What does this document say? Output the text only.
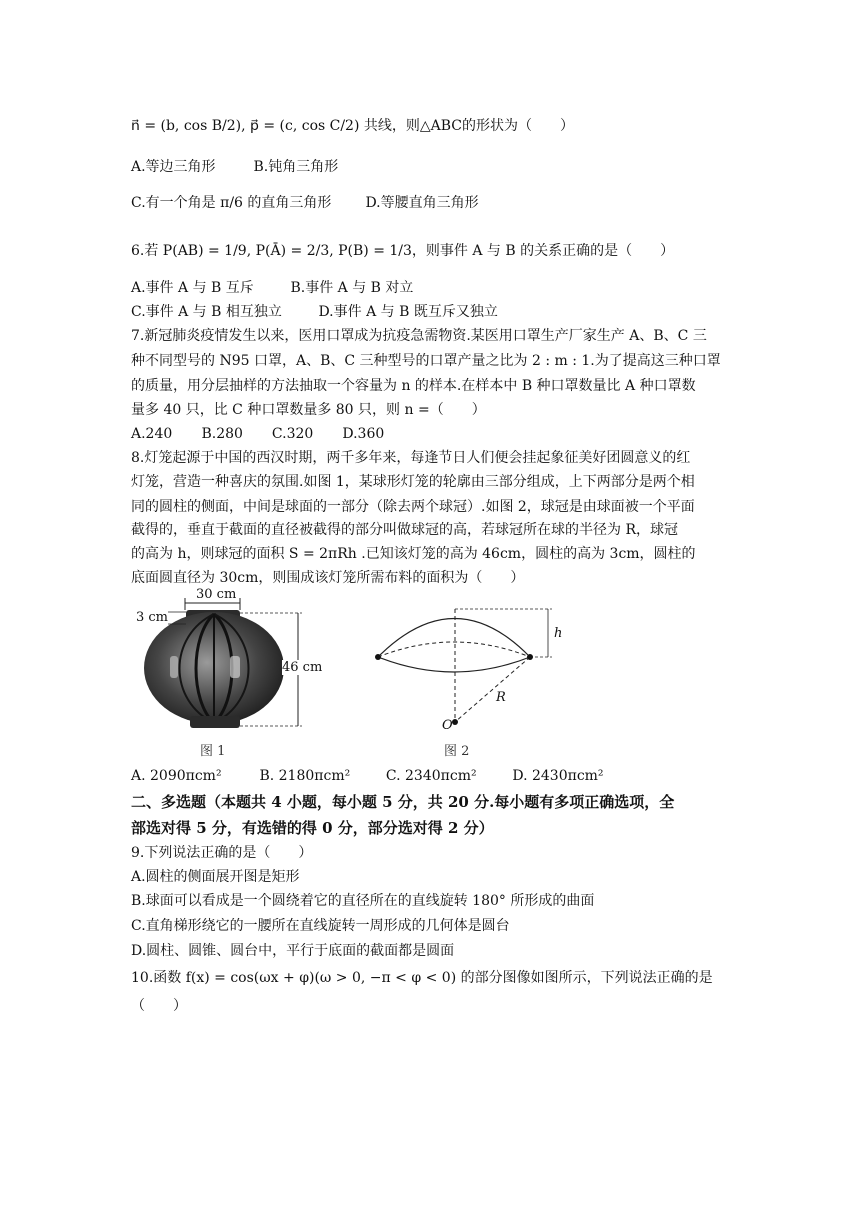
n⃗ = (b, cos B/2), p⃗ = (c, cos C/2) 共线，则△ABC的形状为（　　）
A.等边三角形	B.钝角三角形
C.有一个角是 π/6 的直角三角形 D.等腰直角三角形
6.若 P(AB) = 1/9, P(Ā) = 2/3, P(B) = 1/3，则事件 A 与 B 的关系正确的是（　　）
A.事件 A 与 B 互斥	B.事件 A 与 B 对立
C.事件 A 与 B 相互独立	D.事件 A 与 B 既互斥又独立
7.新冠肺炎疫情发生以来，医用口罩成为抗疫急需物资.某医用口罩生产厂家生产 A、B、C 三
种不同型号的 N95 口罩，A、B、C 三种型号的口罩产量之比为 2 : m : 1.为了提高这三种口罩
的质量，用分层抽样的方法抽取一个容量为 n 的样本.在样本中 B 种口罩数量比 A 种口罩数
量多 40 只，比 C 种口罩数量多 80 只，则 n =（　　）
A.240 B.280 C.320 D.360
8.灯笼起源于中国的西汉时期，两千多年来，每逢节日人们便会挂起象征美好团圆意义的红
灯笼，营造一种喜庆的氛围.如图 1，某球形灯笼的轮廓由三部分组成，上下两部分是两个相
同的圆柱的侧面，中间是球面的一部分（除去两个球冠）.如图 2，球冠是由球面被一个平面
截得的，垂直于截面的直径被截得的部分叫做球冠的高，若球冠所在球的半径为 R，球冠
的高为 h，则球冠的面积 S = 2πRh .已知该灯笼的高为 46cm，圆柱的高为 3cm，圆柱的
底面圆直径为 30cm，则围成该灯笼所需布料的面积为（　　）
30 cm
3 cm
46 cm
图 1
h
R
O
图 2
A. 2090πcm²	B. 2180πcm²	C. 2340πcm²	D. 2430πcm²
二、多选题（本题共 4 小题，每小题 5 分，共 20 分.每小题有多项正确选项，全
部选对得 5 分，有选错的得 0 分，部分选对得 2 分）
9.下列说法正确的是（　　）
A.圆柱的侧面展开图是矩形
B.球面可以看成是一个圆绕着它的直径所在的直线旋转 180° 所形成的曲面
C.直角梯形绕它的一腰所在直线旋转一周形成的几何体是圆台
D.圆柱、圆锥、圆台中，平行于底面的截面都是圆面
10.函数 f(x) = cos(ωx + φ)(ω > 0, −π < φ < 0) 的部分图像如图所示，下列说法正确的是
（　　）
